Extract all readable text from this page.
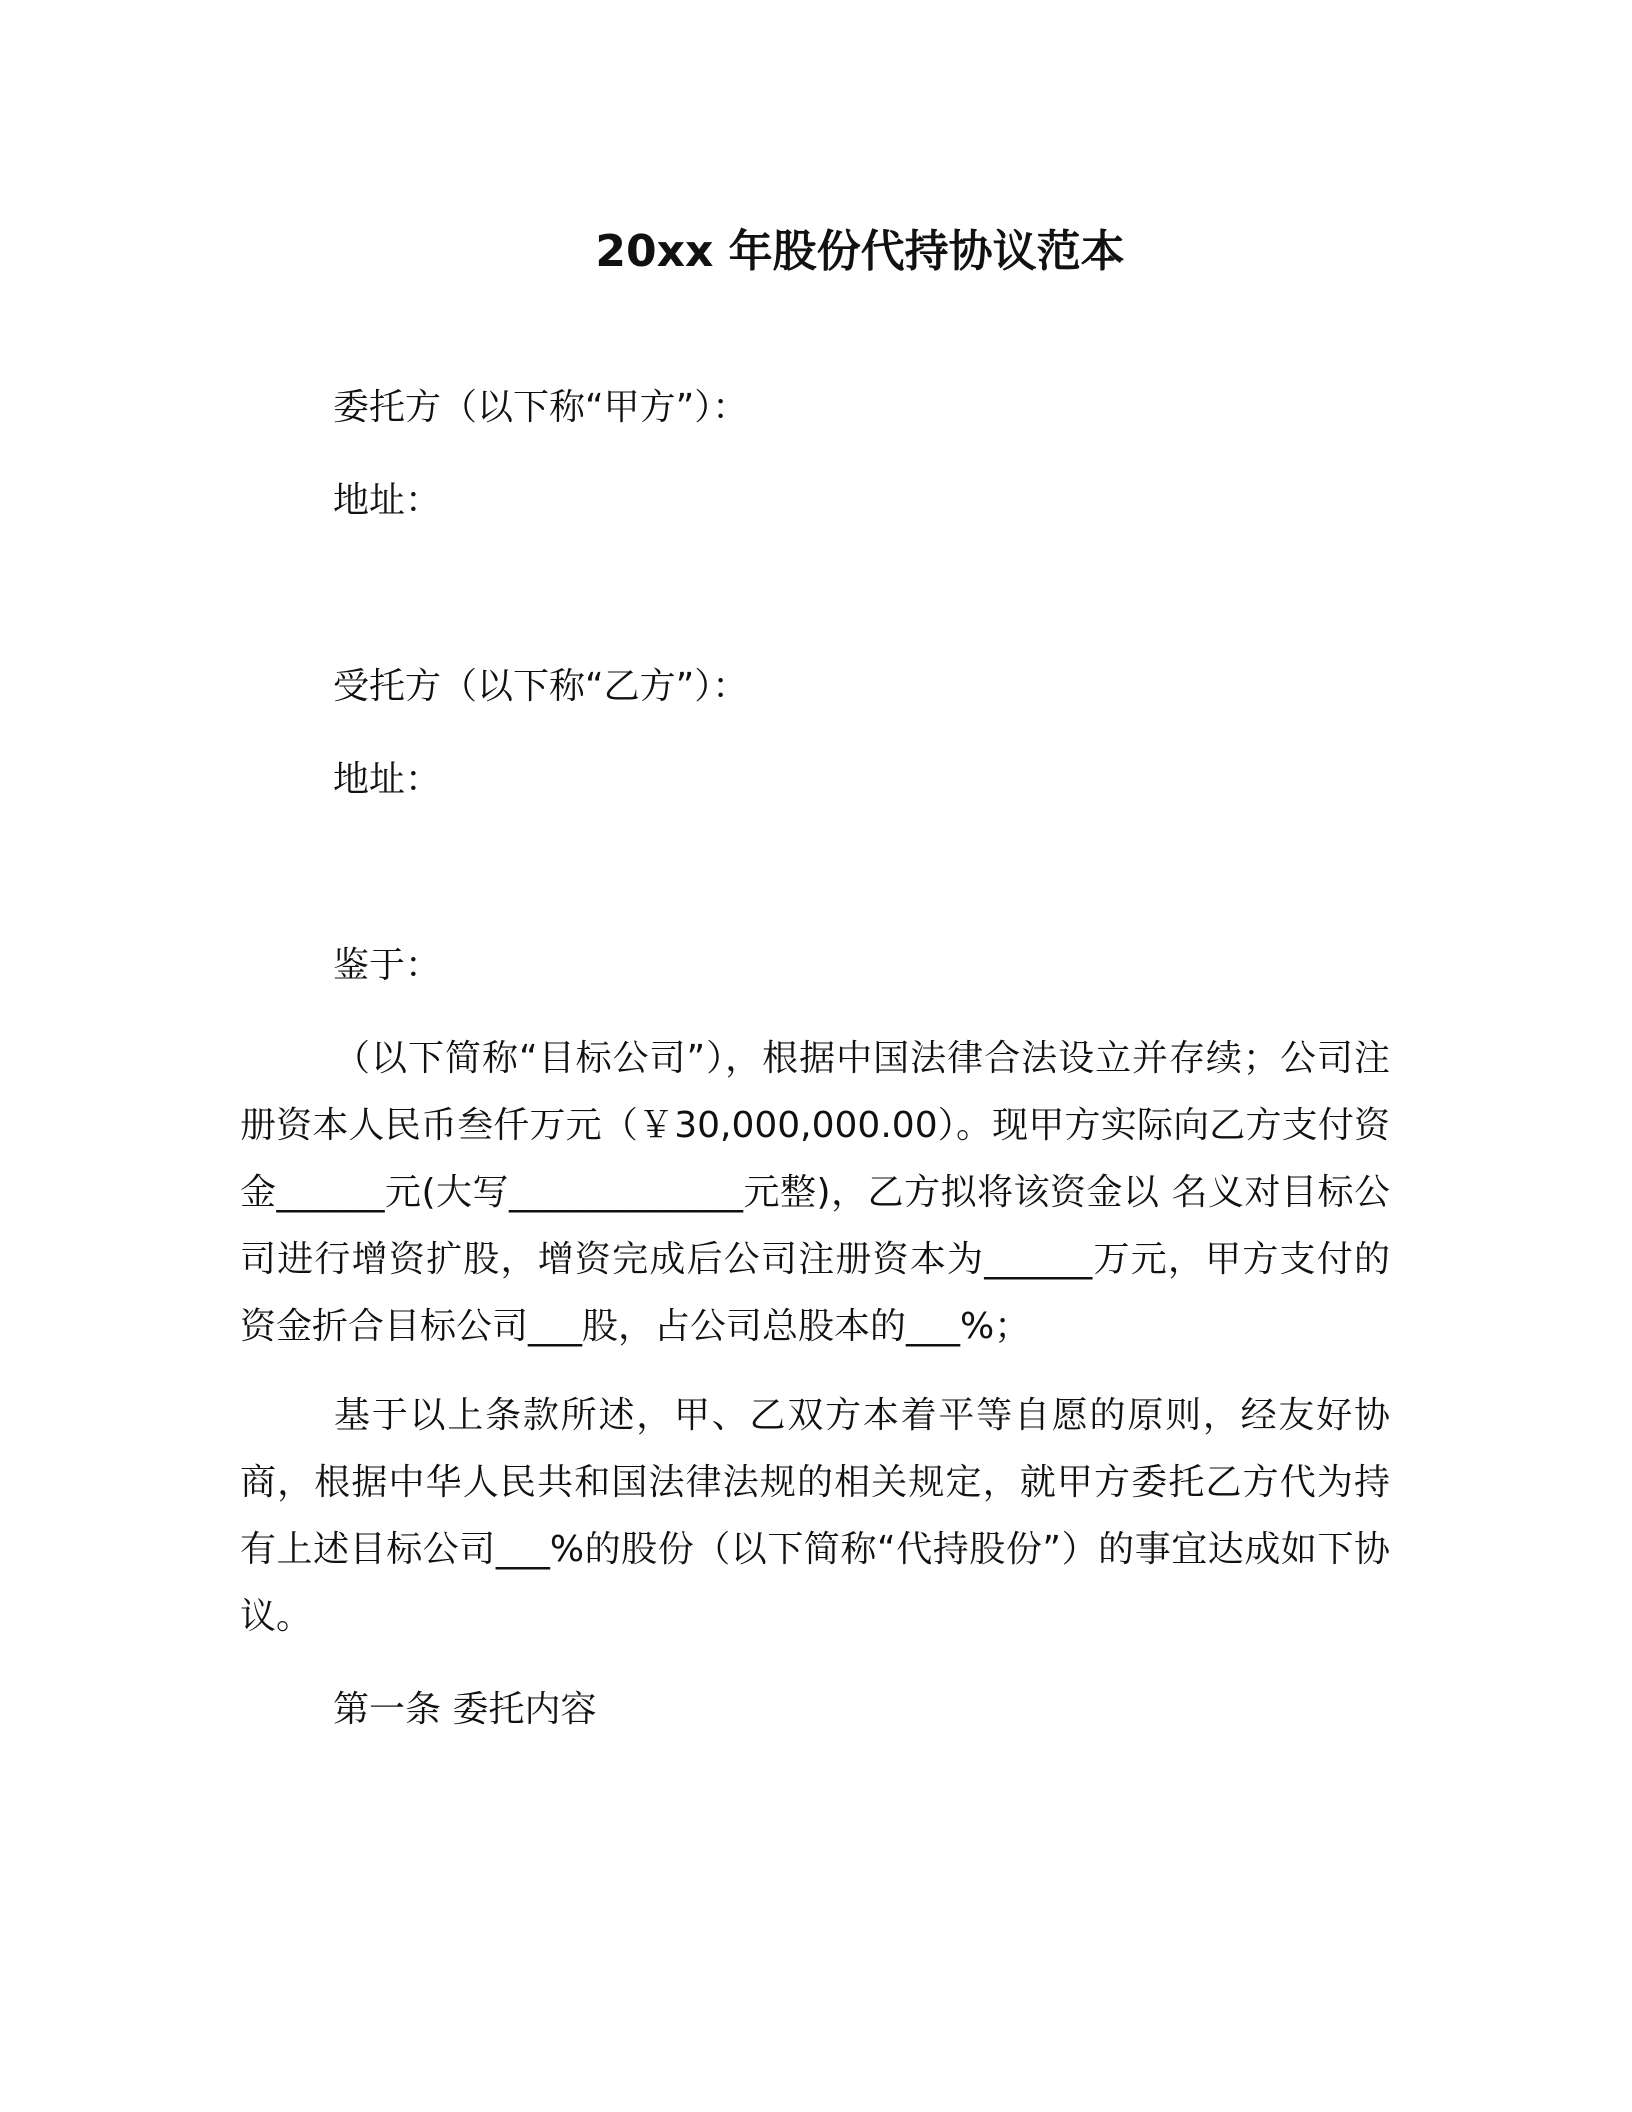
20xx 年股份代持协议范本
委托方（以下称“甲方”）：
地址：
受托方（以下称“乙方”）：
地址：
鉴于：
（以下简称“目标公司”），根据中国法律合法设立并存续；公司注册资本人民币叁仟万元（￥30,000,000.00）。现甲方实际向乙方支付资金______元(大写_____________元整)，乙方拟将该资金以 名义对目标公司进行增资扩股，增资完成后公司注册资本为______万元，甲方支付的资金折合目标公司___股，占公司总股本的___%；
基于以上条款所述，甲、乙双方本着平等自愿的原则，经友好协商，根据中华人民共和国法律法规的相关规定，就甲方委托乙方代为持有上述目标公司___%的股份（以下简称“代持股份”）的事宜达成如下协议。
第一条 委托内容
